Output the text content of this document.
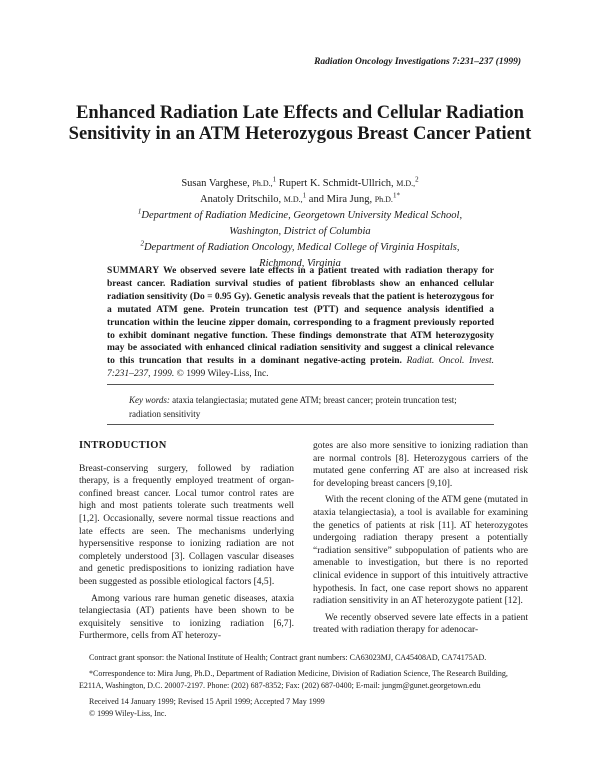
Radiation Oncology Investigations 7:231–237 (1999)
Enhanced Radiation Late Effects and Cellular Radiation Sensitivity in an ATM Heterozygous Breast Cancer Patient
Susan Varghese, Ph.D.,$^1$ Rupert K. Schmidt-Ullrich, M.D.,$^2$
Anatoly Dritschilo, M.D.,$^1$ and Mira Jung, Ph.D.$^{1*}$
$^1$Department of Radiation Medicine, Georgetown University Medical School,
Washington, District of Columbia
$^2$Department of Radiation Oncology, Medical College of Virginia Hospitals,
Richmond, Virginia
SUMMARY We observed severe late effects in a patient treated with radiation therapy for breast cancer. Radiation survival studies of patient fibroblasts show an enhanced cellular radiation sensitivity (Do = 0.95 Gy). Genetic analysis reveals that the patient is heterozygous for a mutated ATM gene. Protein truncation test (PTT) and sequence analysis identified a truncation within the leucine zipper domain, corresponding to a fragment previously reported to exhibit dominant negative function. These findings demonstrate that ATM heterozygosity may be associated with enhanced clinical radiation sensitivity and suggest a clinical relevance to this truncation that results in a dominant negative-acting protein. Radiat. Oncol. Invest. 7:231–237, 1999. © 1999 Wiley-Liss, Inc.
Key words: ataxia telangiectasia; mutated gene ATM; breast cancer; protein truncation test; radiation sensitivity
INTRODUCTION

Breast-conserving surgery, followed by radiation therapy, is a frequently employed treatment of organ-confined breast cancer. Local tumor control rates are high and most patients tolerate such treatments well [1,2]. Occasionally, severe normal tissue reactions and late effects are seen. The mechanisms underlying hypersensitive response to ionizing radiation are not completely understood [3]. Collagen vascular diseases and genetic predispositions to ionizing radiation have been suggested as possible etiological factors [4,5].

Among various rare human genetic diseases, ataxia telangiectasia (AT) patients have been shown to be exquisitely sensitive to ionizing radiation [6,7]. Furthermore, cells from AT heterozy-

gotes are also more sensitive to ionizing radiation than are normal controls [8]. Heterozygous carriers of the mutated gene conferring AT are also at increased risk for developing breast cancers [9,10].

With the recent cloning of the ATM gene (mutated in ataxia telangiectasia), a tool is available for examining the genetics of patients at risk [11]. AT heterozygotes undergoing radiation therapy present a potentially “radiation sensitive” subpopulation of patients who are amenable to investigation, but there is no reported clinical evidence in support of this intuitively attractive hypothesis. In fact, one case report shows no apparent radiation sensitivity in an AT heterozygote patient [12].

We recently observed severe late effects in a patient treated with radiation therapy for adenocar-

Contract grant sponsor: the National Institute of Health; Contract grant numbers: CA63023MJ, CA45408AD, CA74175AD.

*Correspondence to: Mira Jung, Ph.D., Department of Radiation Medicine, Division of Radiation Science, The Research Building, E211A, Washington, D.C. 20007-2197. Phone: (202) 687-8352; Fax: (202) 687-0400; E-mail: jungm@gunet.georgetown.edu

Received 14 January 1999; Revised 15 April 1999; Accepted 7 May 1999

© 1999 Wiley-Liss, Inc.
